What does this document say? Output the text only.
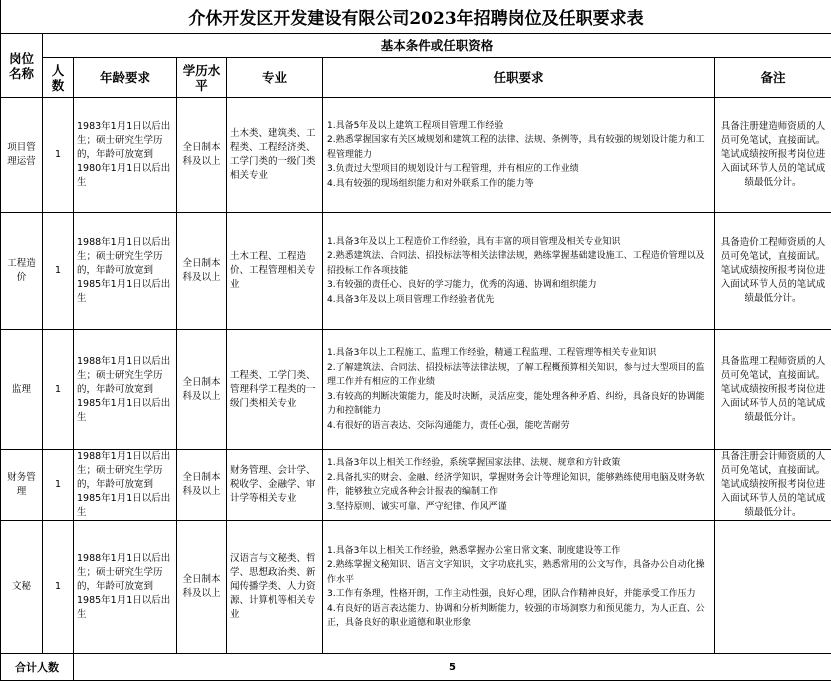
介休开发区开发建设有限公司2023年招聘岗位及任职要求表						
岗位名称	基本条件或任职资格					
	人数	年龄要求	学历水平	专业	任职要求	备注
项目管理运营	1	1983年1月1日以后出生；硕士研究生学历的，年龄可放宽到1980年1月1日以后出生	全日制本科及以上	土木类、建筑类、工程类、工程经济类、工学门类的一级门类相关专业	1.具备5年及以上建筑工程项目管理工作经验
2.熟悉掌握国家有关区域规划和建筑工程的法律、法规、条例等，具有较强的规划设计能力和工程管理能力
3.负责过大型项目的规划设计与工程管理，并有相应的工作业绩
4.具有较强的现场组织能力和对外联系工作的能力等	具备注册建造师资质的人员可免笔试，直接面试。笔试成绩按所报考岗位进入面试环节人员的笔试成绩最低分计。
工程造价	1	1988年1月1日以后出生；硕士研究生学历的，年龄可放宽到1985年1月1日以后出生	全日制本科及以上	土木工程、工程造价、工程管理相关专业	1.具备3年及以上工程造价工作经验，具有丰富的项目管理及相关专业知识
2.熟悉建筑法、合同法、招投标法等相关法律法规，熟练掌握基础建设施工、工程造价管理以及招投标工作各项技能
3.有较强的责任心、良好的学习能力，优秀的沟通、协调和组织能力
4.具备3年及以上项目管理工作经验者优先	具备造价工程师资质的人员可免笔试，直接面试。笔试成绩按所报考岗位进入面试环节人员的笔试成绩最低分计。
监理	1	1988年1月1日以后出生；硕士研究生学历的，年龄可放宽到1985年1月1日以后出生	全日制本科及以上	工程类、工学门类、管理科学工程类的一级门类相关专业	1.具备3年以上工程施工、监理工作经验，精通工程监理、工程管理等相关专业知识
2.了解建筑法、合同法、招投标法等法律法规，了解工程概预算相关知识，参与过大型项目的监理工作并有相应的工作业绩
3.有较高的判断决策能力，能及时决断，灵活应变，能处理各种矛盾、纠纷，具备良好的协调能力和控制能力
4.有很好的语言表达、交际沟通能力，责任心强，能吃苦耐劳	具备监理工程师资质的人员可免笔试，直接面试。笔试成绩按所报考岗位进入面试环节人员的笔试成绩最低分计。
财务管理	1	1988年1月1日以后出生；硕士研究生学历的，年龄可放宽到1985年1月1日以后出生	全日制本科及以上	财务管理、会计学、税收学、金融学、审计学等相关专业	1.具备3年以上相关工作经验，系统掌握国家法律、法规、规章和方针政策
2.具备扎实的财会、金融、经济学知识，掌握财务会计等理论知识，能够熟练使用电脑及财务软件，能够独立完成各种会计报表的编制工作
3.坚持原则、诚实可靠、严守纪律、作风严谨	具备注册会计师资质的人员可免笔试，直接面试。笔试成绩按所报考岗位进入面试环节人员的笔试成绩最低分计。
文秘	1	1988年1月1日以后出生；硕士研究生学历的，年龄可放宽到1985年1月1日以后出生	全日制本科及以上	汉语言与文秘类、哲学、思想政治类、新闻传播学类、人力资源、计算机等相关专业	1.具备3年以上相关工作经验，熟悉掌握办公室日常文案、制度建设等工作
2.熟练掌握文秘知识、语言文字知识，文字功底扎实，熟悉常用的公文写作，具备办公自动化操作水平
3.工作有条理，性格开朗，工作主动性强，良好心理，团队合作精神良好，并能承受工作压力
4.有良好的语言表达能力、协调和分析判断能力，较强的市场洞察力和预见能力，为人正直、公正，具备良好的职业道德和职业形象	

合计人数		5				
